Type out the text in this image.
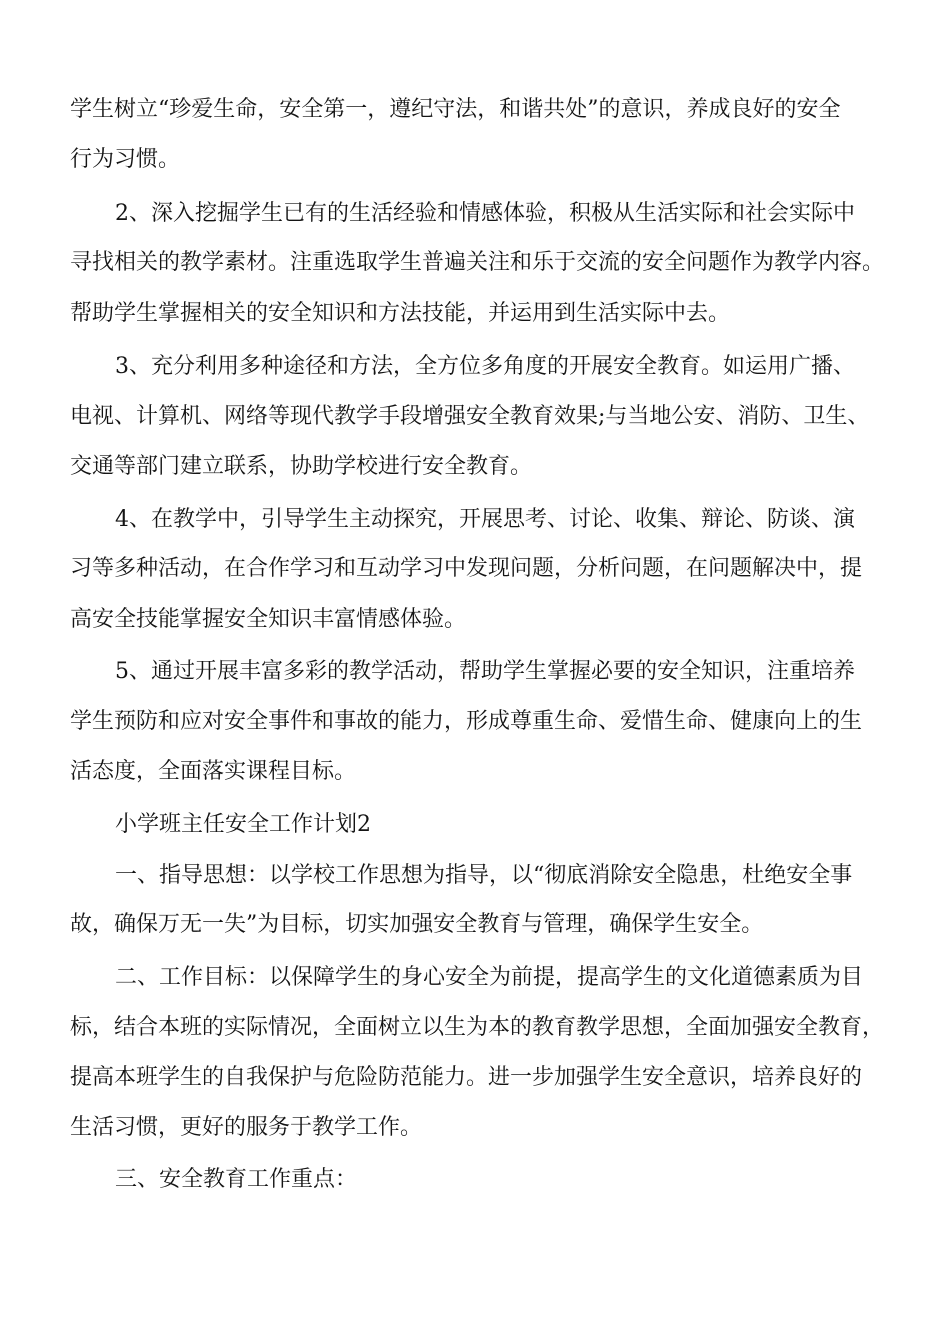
学生树立“珍爱生命，安全第一，遵纪守法，和谐共处”的意识，养成良好的安全
行为习惯。
2、深入挖掘学生已有的生活经验和情感体验，积极从生活实际和社会实际中
寻找相关的教学素材。注重选取学生普遍关注和乐于交流的安全问题作为教学内容。
帮助学生掌握相关的安全知识和方法技能，并运用到生活实际中去。
3、充分利用多种途径和方法，全方位多角度的开展安全教育。如运用广播、
电视、计算机、网络等现代教学手段增强安全教育效果;与当地公安、消防、卫生、
交通等部门建立联系，协助学校进行安全教育。
4、在教学中，引导学生主动探究，开展思考、讨论、收集、辩论、防谈、演
习等多种活动，在合作学习和互动学习中发现问题，分析问题，在问题解决中，提
高安全技能掌握安全知识丰富情感体验。
5、通过开展丰富多彩的教学活动，帮助学生掌握必要的安全知识，注重培养
学生预防和应对安全事件和事故的能力，形成尊重生命、爱惜生命、健康向上的生
活态度，全面落实课程目标。
小学班主任安全工作计划2
一、指导思想：以学校工作思想为指导，以“彻底消除安全隐患，杜绝安全事
故，确保万无一失”为目标，切实加强安全教育与管理，确保学生安全。
二、工作目标：以保障学生的身心安全为前提，提高学生的文化道德素质为目
标，结合本班的实际情况，全面树立以生为本的教育教学思想，全面加强安全教育，
提高本班学生的自我保护与危险防范能力。进一步加强学生安全意识，培养良好的
生活习惯，更好的服务于教学工作。
三、安全教育工作重点：
